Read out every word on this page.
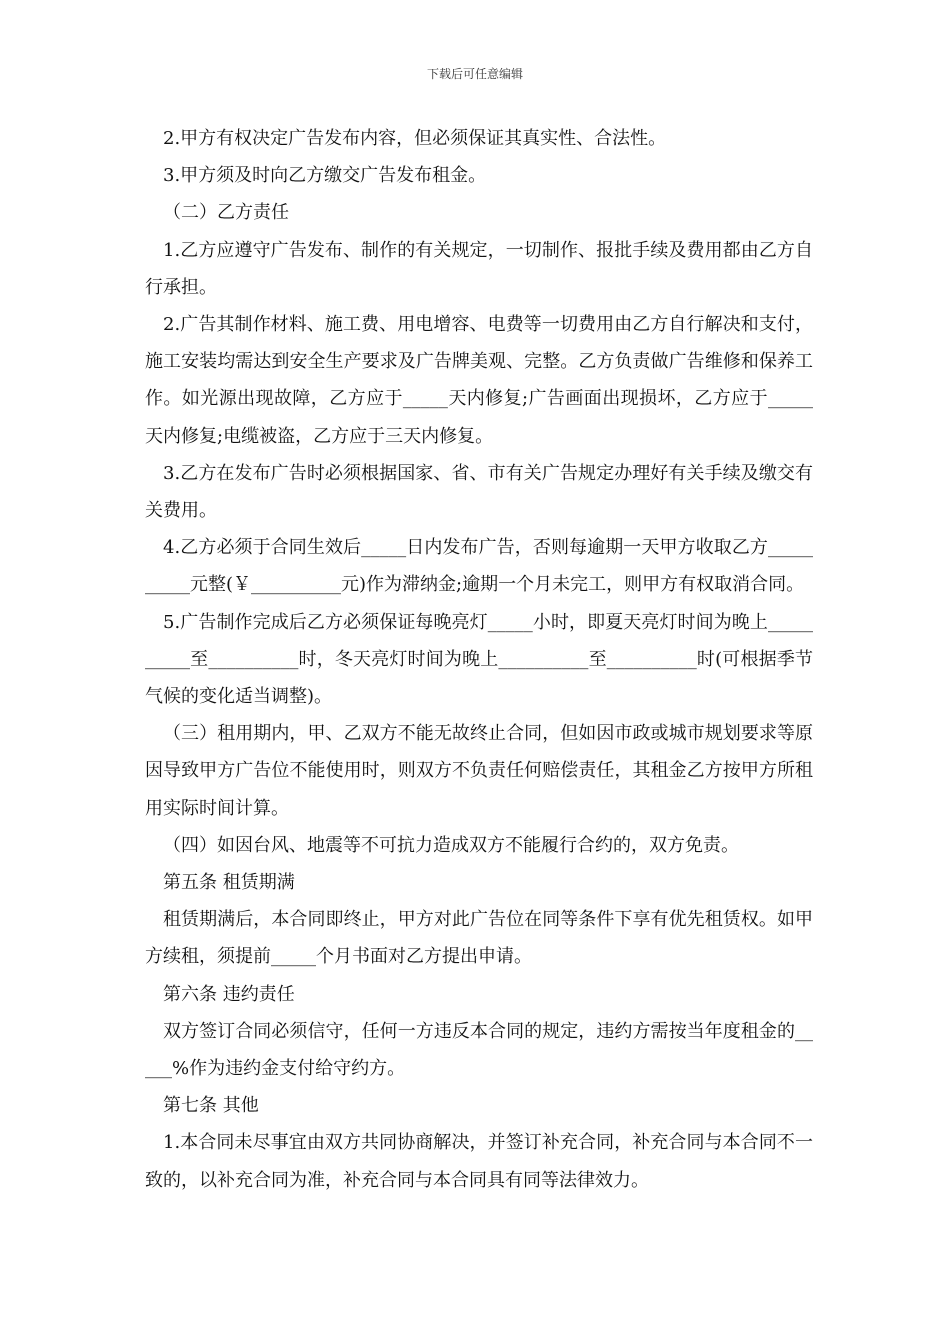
下载后可任意编辑

2.甲方有权决定广告发布内容，但必须保证其真实性、合法性。

3.甲方须及时向乙方缴交广告发布租金。

（二）乙方责任

1.乙方应遵守广告发布、制作的有关规定，一切制作、报批手续及费用都由乙方自行承担。

2.广告其制作材料、施工费、用电增容、电费等一切费用由乙方自行解决和支付，施工安装均需达到安全生产要求及广告牌美观、完整。乙方负责做广告维修和保养工作。如光源出现故障，乙方应于_____天内修复;广告画面出现损坏，乙方应于_____天内修复;电缆被盗，乙方应于三天内修复。

3.乙方在发布广告时必须根据国家、省、市有关广告规定办理好有关手续及缴交有关费用。

4.乙方必须于合同生效后_____日内发布广告，否则每逾期一天甲方收取乙方__________元整(￥__________元)作为滞纳金;逾期一个月未完工，则甲方有权取消合同。

5.广告制作完成后乙方必须保证每晚亮灯_____小时，即夏天亮灯时间为晚上__________至__________时，冬天亮灯时间为晚上__________至__________时(可根据季节气候的变化适当调整)。

（三）租用期内，甲、乙双方不能无故终止合同，但如因市政或城市规划要求等原因导致甲方广告位不能使用时，则双方不负责任何赔偿责任，其租金乙方按甲方所租用实际时间计算。

（四）如因台风、地震等不可抗力造成双方不能履行合约的，双方免责。

第五条 租赁期满

租赁期满后，本合同即终止，甲方对此广告位在同等条件下享有优先租赁权。如甲方续租，须提前_____个月书面对乙方提出申请。

第六条 违约责任

双方签订合同必须信守，任何一方违反本合同的规定，违约方需按当年度租金的_____%作为违约金支付给守约方。

第七条 其他

1.本合同未尽事宜由双方共同协商解决，并签订补充合同，补充合同与本合同不一致的，以补充合同为准，补充合同与本合同具有同等法律效力。
